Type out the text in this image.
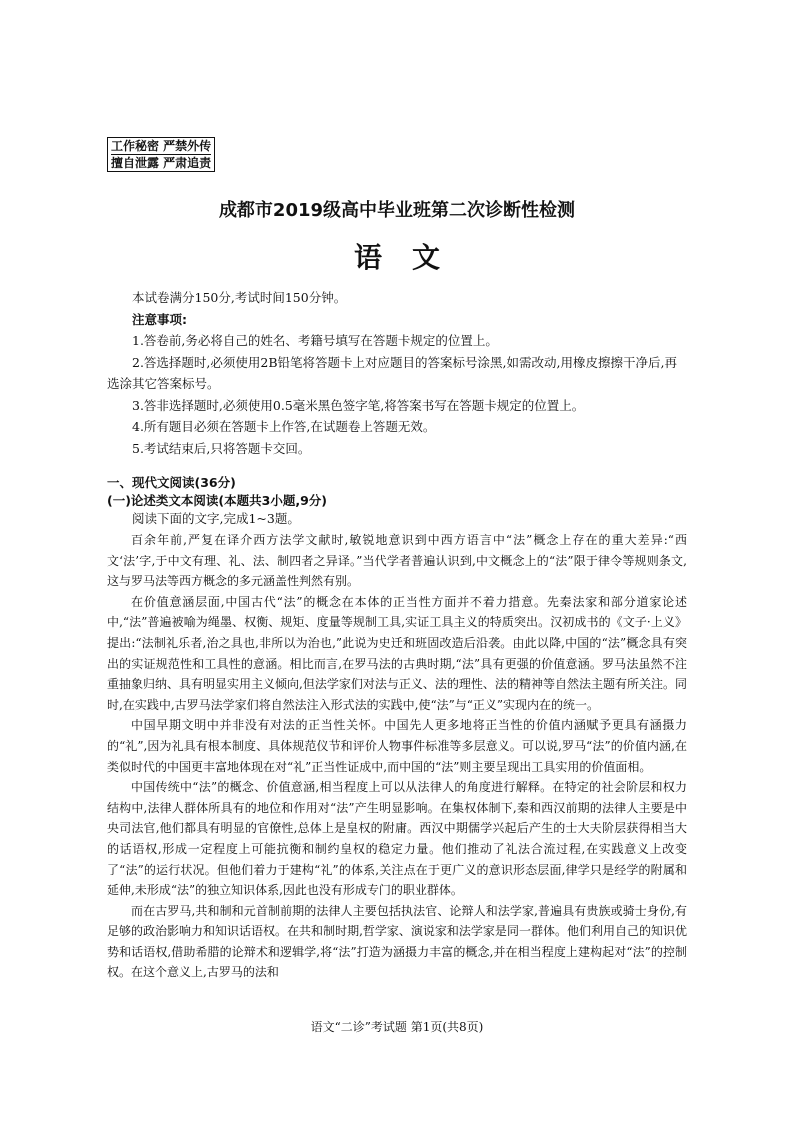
工作秘密 严禁外传
擅自泄露 严肃追责
成都市2019级高中毕业班第二次诊断性检测
语文

本试卷满分150分,考试时间150分钟。

注意事项:

1.答卷前,务必将自己的姓名、考籍号填写在答题卡规定的位置上。

2.答选择题时,必须使用2B铅笔将答题卡上对应题目的答案标号涂黑,如需改动,用橡皮擦擦干净后,再选涂其它答案标号。

3.答非选择题时,必须使用0.5毫米黑色签字笔,将答案书写在答题卡规定的位置上。

4.所有题目必须在答题卡上作答,在试题卷上答题无效。

5.考试结束后,只将答题卡交回。

一、现代文阅读(36分)

(一)论述类文本阅读(本题共3小题,9分)

阅读下面的文字,完成1~3题。

百余年前,严复在译介西方法学文献时,敏锐地意识到中西方语言中“法”概念上存在的重大差异:“西文‘法’字,于中文有理、礼、法、制四者之异译。”当代学者普遍认识到,中文概念上的“法”限于律令等规则条文,这与罗马法等西方概念的多元涵盖性判然有别。

在价值意涵层面,中国古代“法”的概念在本体的正当性方面并不着力措意。先秦法家和部分道家论述中,“法”普遍被喻为绳墨、权衡、规矩、度量等规制工具,实证工具主义的特质突出。汉初成书的《文子·上义》提出:“法制礼乐者,治之具也,非所以为治也,”此说为史迁和班固改造后沿袭。由此以降,中国的“法”概念具有突出的实证规范性和工具性的意涵。相比而言,在罗马法的古典时期,“法”具有更强的价值意涵。罗马法虽然不注重抽象归纳、具有明显实用主义倾向,但法学家们对法与正义、法的理性、法的精神等自然法主题有所关注。同时,在实践中,古罗马法学家们将自然法注入形式法的实践中,使“法”与“正义”实现内在的统一。

中国早期文明中并非没有对法的正当性关怀。中国先人更多地将正当性的价值内涵赋予更具有涵摄力的“礼”,因为礼具有根本制度、具体规范仪节和评价人物事件标准等多层意义。可以说,罗马“法”的价值内涵,在类似时代的中国更丰富地体现在对“礼”正当性证成中,而中国的“法”则主要呈现出工具实用的价值面相。

中国传统中“法”的概念、价值意涵,相当程度上可以从法律人的角度进行解释。在特定的社会阶层和权力结构中,法律人群体所具有的地位和作用对“法”产生明显影响。在集权体制下,秦和西汉前期的法律人主要是中央司法官,他们都具有明显的官僚性,总体上是皇权的附庸。西汉中期儒学兴起后产生的士大夫阶层获得相当大的话语权,形成一定程度上可能抗衡和制约皇权的稳定力量。他们推动了礼法合流过程,在实践意义上改变了“法”的运行状况。但他们着力于建构“礼”的体系,关注点在于更广义的意识形态层面,律学只是经学的附属和延伸,未形成“法”的独立知识体系,因此也没有形成专门的职业群体。

而在古罗马,共和制和元首制前期的法律人主要包括执法官、论辩人和法学家,普遍具有贵族或骑士身份,有足够的政治影响力和知识话语权。在共和制时期,哲学家、演说家和法学家是同一群体。他们利用自己的知识优势和话语权,借助希腊的论辩术和逻辑学,将“法”打造为涵摄力丰富的概念,并在相当程度上建构起对“法”的控制权。在这个意义上,古罗马的法和

语文“二诊”考试题 第1页(共8页)
